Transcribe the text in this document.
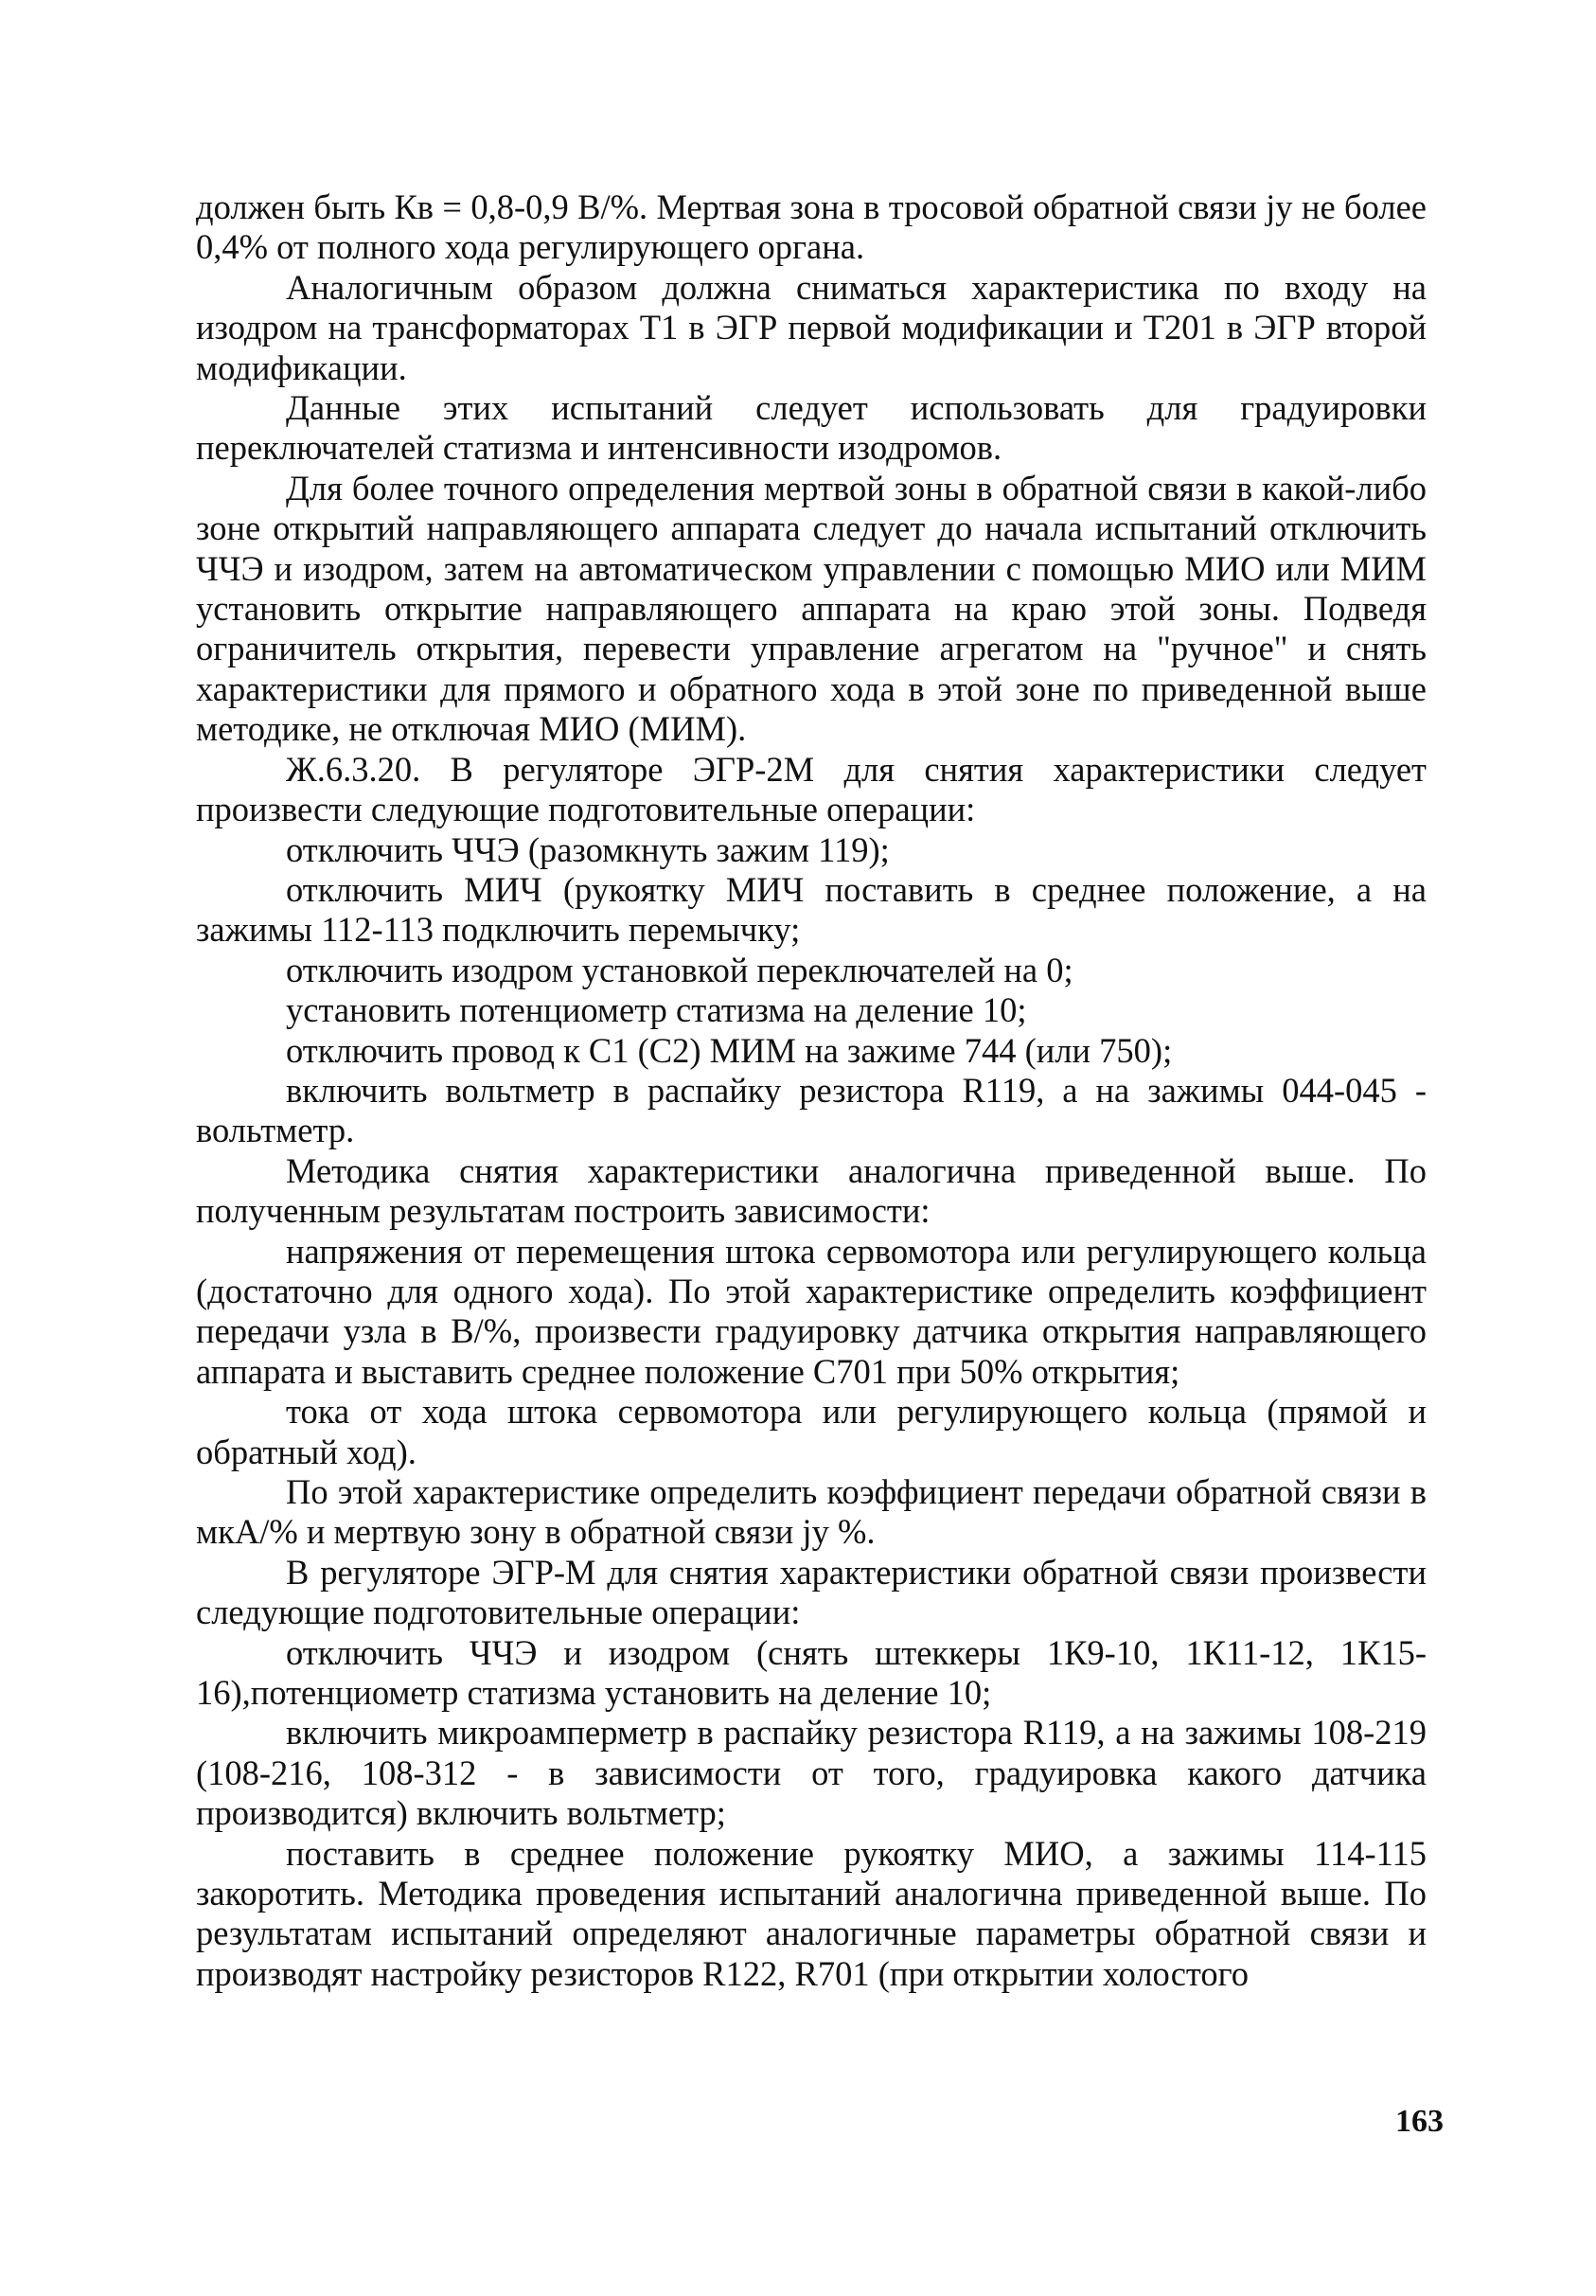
должен быть Кв = 0,8-0,9 В/%. Мертвая зона в тросовой обратной связи jу не более 0,4% от полного хода регулирующего органа.

Аналогичным образом должна сниматься характеристика по входу на изодром на трансформаторах Т1 в ЭГР первой модификации и Т201 в ЭГР второй модификации.

Данные этих испытаний следует использовать для градуировки переключателей статизма и интенсивности изодромов.

Для более точного определения мертвой зоны в обратной связи в какой-либо зоне открытий направляющего аппарата следует до начала испытаний отключить ЧЧЭ и изодром, затем на автоматическом управлении с помощью МИО или МИМ установить открытие направляющего аппарата на краю этой зоны. Подведя ограничитель открытия, перевести управление агрегатом на "ручное" и снять характеристики для прямого и обратного хода в этой зоне по приведенной выше методике, не отключая МИО (МИМ).

Ж.6.3.20. В регуляторе ЭГР-2М для снятия характеристики следует произвести следующие подготовительные операции:

отключить ЧЧЭ (разомкнуть зажим 119);

отключить МИЧ (рукоятку МИЧ поставить в среднее положение, а на зажимы 112-113 подключить перемычку;

отключить изодром установкой переключателей на 0;

установить потенциометр статизма на деление 10;

отключить провод к С1 (С2) МИМ на зажиме 744 (или 750);

включить вольтметр в распайку резистора R119, а на зажимы 044-045 - вольтметр.

Методика снятия характеристики аналогична приведенной выше. По полученным результатам построить зависимости:

напряжения от перемещения штока сервомотора или регулирующего кольца (достаточно для одного хода). По этой характеристике определить коэффициент передачи узла в В/%, произвести градуировку датчика открытия направляющего аппарата и выставить среднее положение С701 при 50% открытия;

тока от хода штока сервомотора или регулирующего кольца (прямой и обратный ход).

По этой характеристике определить коэффициент передачи обратной связи в мкА/% и мертвую зону в обратной связи jу %.

В регуляторе ЭГР-М для снятия характеристики обратной связи произвести следующие подготовительные операции:

отключить ЧЧЭ и изодром (снять штеккеры 1К9-10, 1К11-12, 1К15-16),потенциометр статизма установить на деление 10;

включить микроамперметр в распайку резистора R119, а на зажимы 108-219 (108-216, 108-312 - в зависимости от того, градуировка какого датчика производится) включить вольтметр;

поставить в среднее положение рукоятку МИО, а зажимы 114-115 закоротить. Методика проведения испытаний аналогична приведенной выше. По результатам испытаний определяют аналогичные параметры обратной связи и производят настройку резисторов R122, R701 (при открытии холостого

163
